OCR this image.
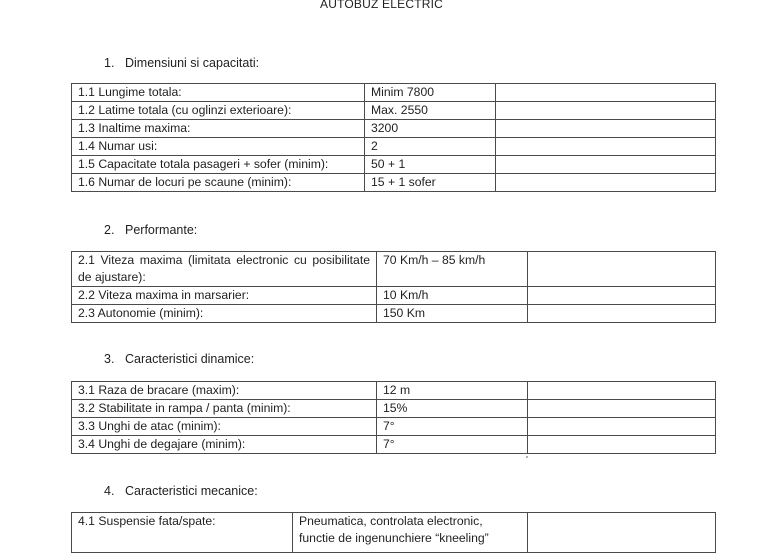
AUTOBUZ ELECTRIC
1. Dimensiuni si capacitati:
1.1 Lungime totala:	Minim 7800	
1.2 Latime totala (cu oglinzi exterioare):	Max. 2550	
1.3 Inaltime maxima:	3200	
1.4 Numar usi:	2	
1.5 Capacitate totala pasageri + sofer (minim):	50 + 1	
1.6 Numar de locuri pe scaune (minim):	15 + 1 sofer	
2. Performante:
2.1 Viteza maxima (limitata electronic cu posibilitate de ajustare):	70 Km/h – 85 km/h	
2.2 Viteza maxima in marsarier:	10 Km/h	
2.3 Autonomie (minim):	150 Km	
3. Caracteristici dinamice:
3.1 Raza de bracare (maxim):	12 m	
3.2 Stabilitate in rampa / panta (minim):	15%	
3.3 Unghi de atac (minim):	7°	
3.4 Unghi de degajare (minim):	7°	
4. Caracteristici mecanice:
4.1 Suspensie fata/spate:	Pneumatica, controlata electronic, functie de ingenunchiere “kneeling”	
